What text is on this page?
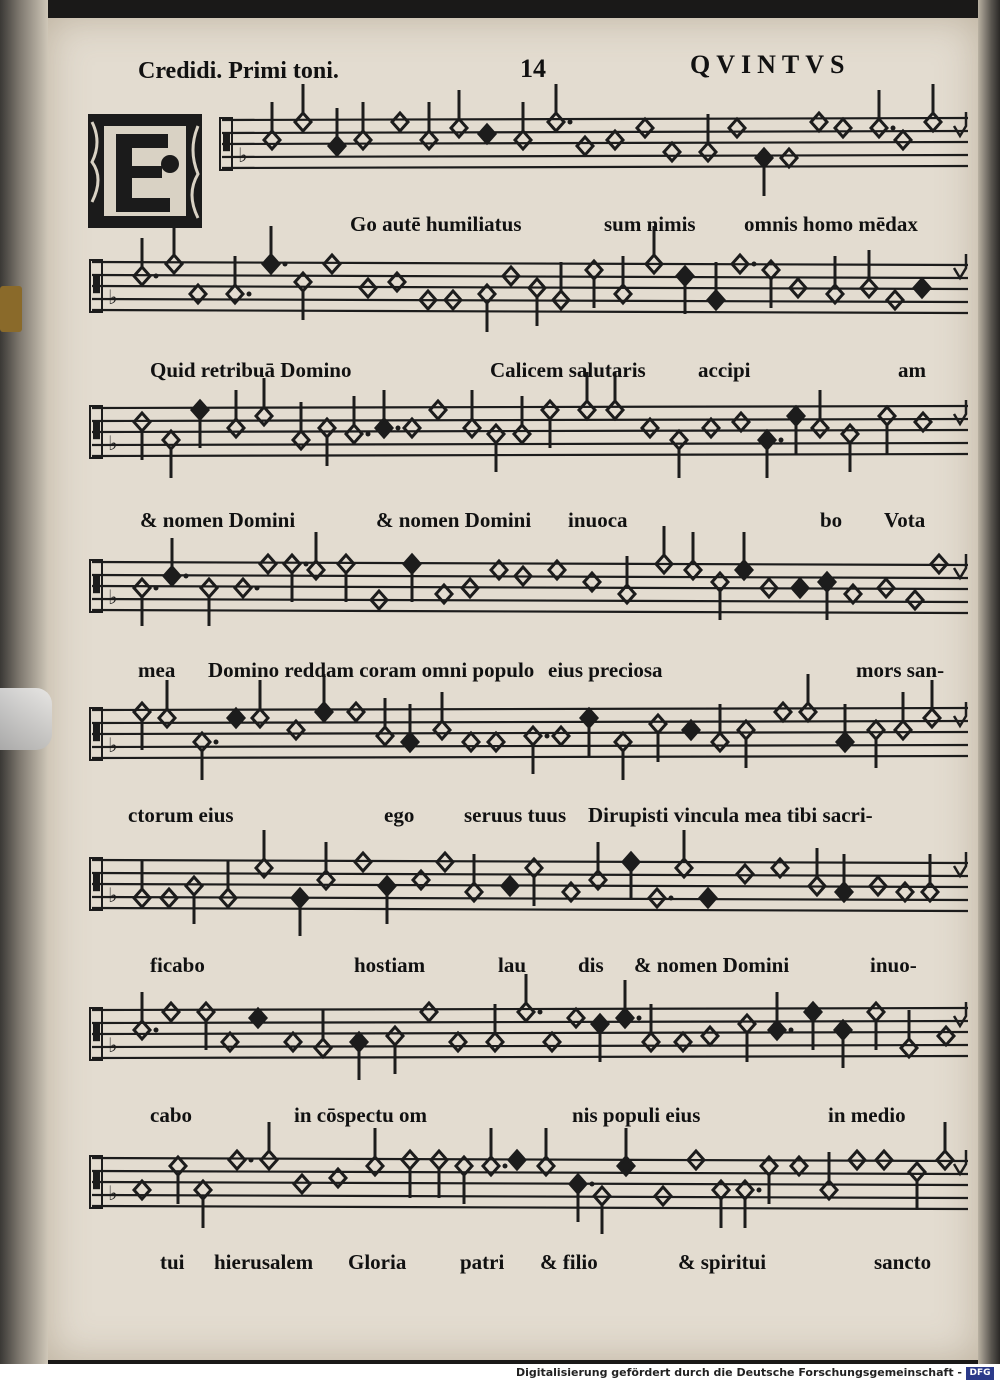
Credidi. Primi toni.	14	QVINTVS
♭
♭
♭
♭
♭
♭
♭
♭
Go autē humiliatus	sum nimis omnis homo mēdax
Quid retribuā Domino	Calicem salutaris accipi	am
& nomen Domini	& nomen Domini inuoca	bo Vota
mea Domino reddam coram omni populo eius preciosa	mors san-
ctorum eius	ego seruus tuus Dirupisti vincula mea tibi sacri-
ficabo	hostiam	lau dis & nomen Domini	inuo-
cabo	in cōspectu om	nis populi eius	in medio
tui hierusalem Gloria	patri & filio	& spiritui	sancto
Digitalisierung gefördert durch die Deutsche Forschungsgemeinschaft - DFG
